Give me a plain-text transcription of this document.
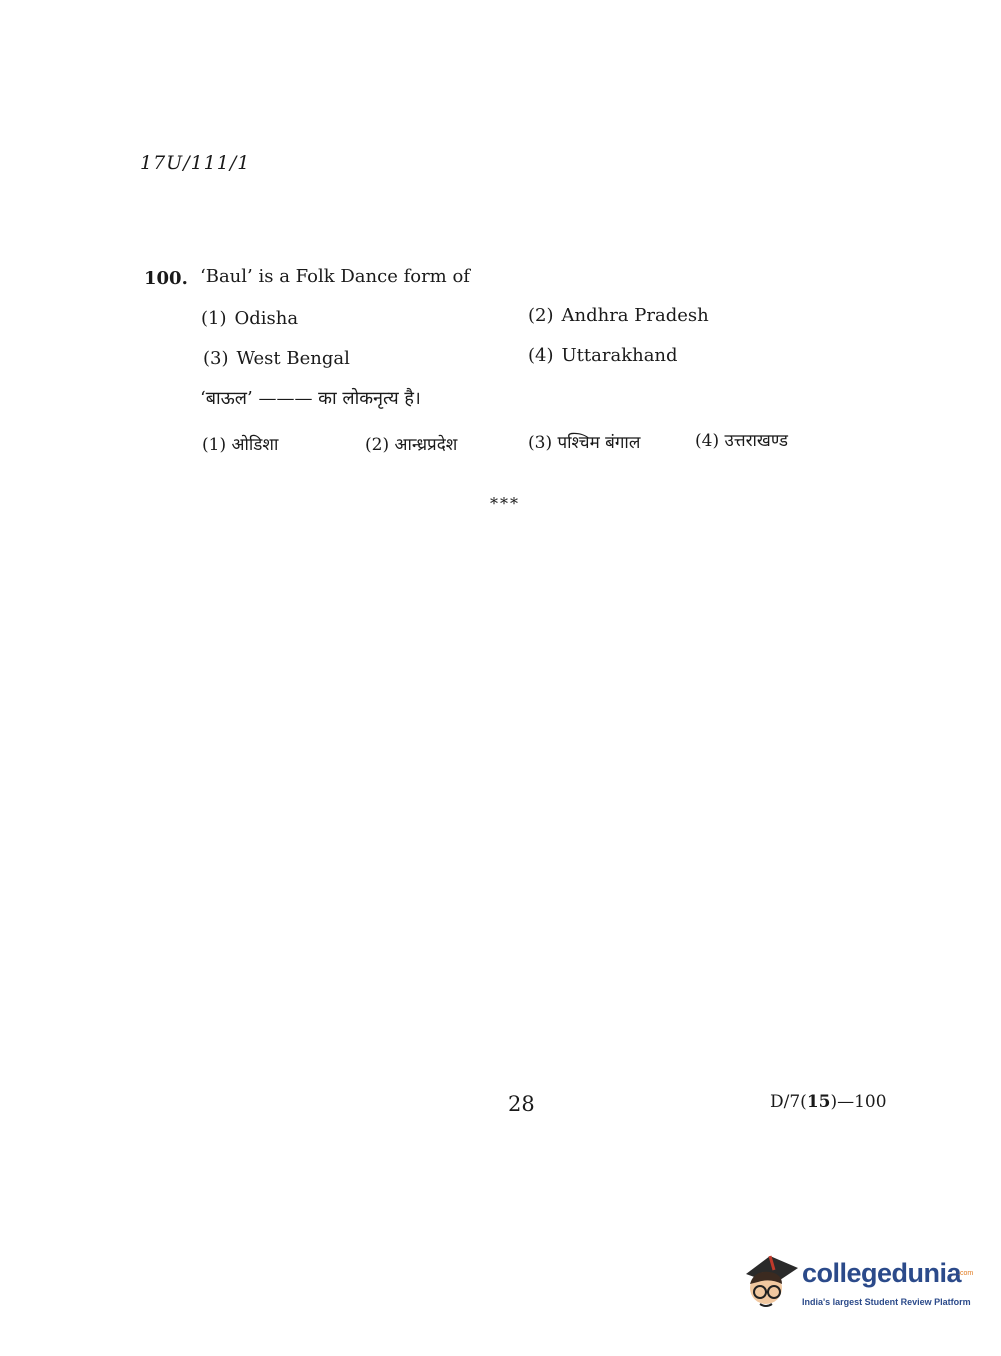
17U/111/1
100. ‘Baul’ is a Folk Dance form of
(1) Odisha	(2) Andhra Pradesh
(3) West Bengal	(4) Uttarakhand
‘बाऊल’ ——— का लोकनृत्य है।
(1) ओडिशा	(2) आन्ध्रप्रदेश	(3) पश्चिम बंगाल	(4) उत्तराखण्ड
***
28	D/7(15)—100
collegedunia
.com
India's largest Student Review Platform
